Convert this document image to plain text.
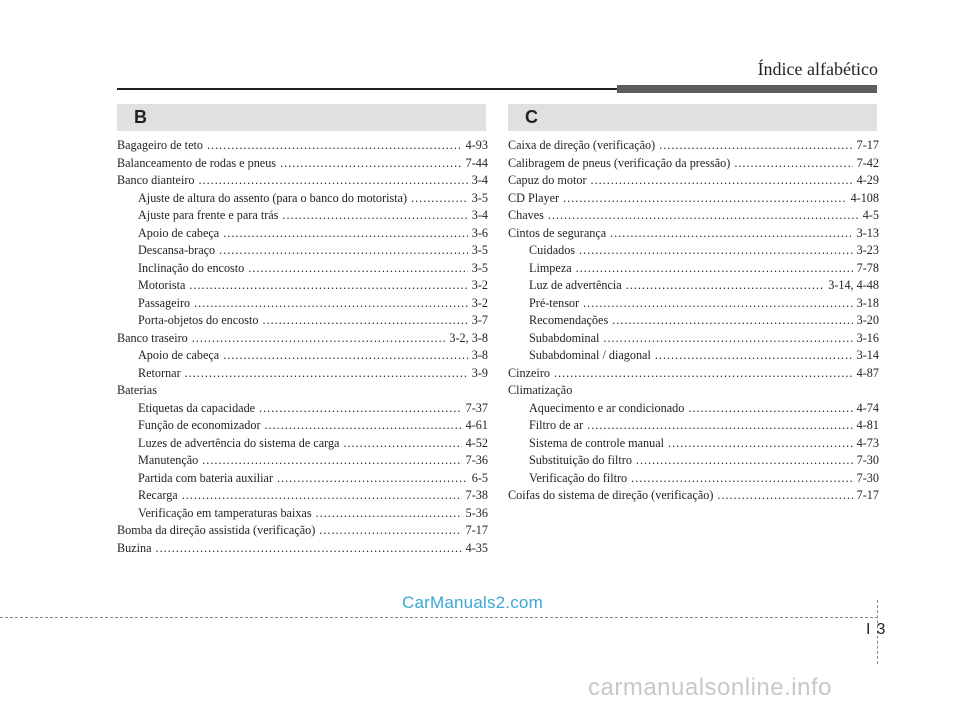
Índice alfabético
B	C
Bagageiro de teto .....	4-93
Balanceamento de rodas e pneus .....	7-44
Banco dianteiro .....	3-4
Ajuste de altura do assento (para o banco do motorista) .....	3-5
Ajuste para frente e para trás .....	3-4
Apoio de cabeça .....	3-6
Descansa-braço .....	3-5
Inclinação do encosto .....	3-5
Motorista .....	3-2
Passageiro .....	3-2
Porta-objetos do encosto .....	3-7
Banco traseiro .....	3-2, 3-8
Apoio de cabeça .....	3-8
Retornar .....	3-9
Baterias
Etiquetas da capacidade .....	7-37
Função de economizador .....	4-61
Luzes de advertência do sistema de carga .....	4-52
Manutenção .....	7-36
Partida com bateria auxiliar .....	6-5
Recarga .....	7-38
Verificação em tamperaturas baixas .....	5-36
Bomba da direção assistida (verificação) .....	7-17
Buzina .....	4-35
Caixa de direção (verificação) .....	7-17
Calibragem de pneus (verificação da pressão) .....	7-42
Capuz do motor .....	4-29
CD Player .....	4-108
Chaves .....	4-5
Cintos de segurança .....	3-13
Cuidados .....	3-23
Limpeza .....	7-78
Luz de advertência .....	3-14, 4-48
Pré-tensor .....	3-18
Recomendações .....	3-20
Subabdominal .....	3-16
Subabdominal / diagonal .....	3-14
Cinzeiro .....	4-87
Climatização
Aquecimento e ar condicionado .....	4-74
Filtro de ar .....	4-81
Sistema de controle manual .....	4-73
Substituição do filtro .....	7-30
Verificação do filtro .....	7-30
Coifas do sistema de direção (verificação) .....	7-17
I 3
CarManuals2.com
carmanualsonline.info
